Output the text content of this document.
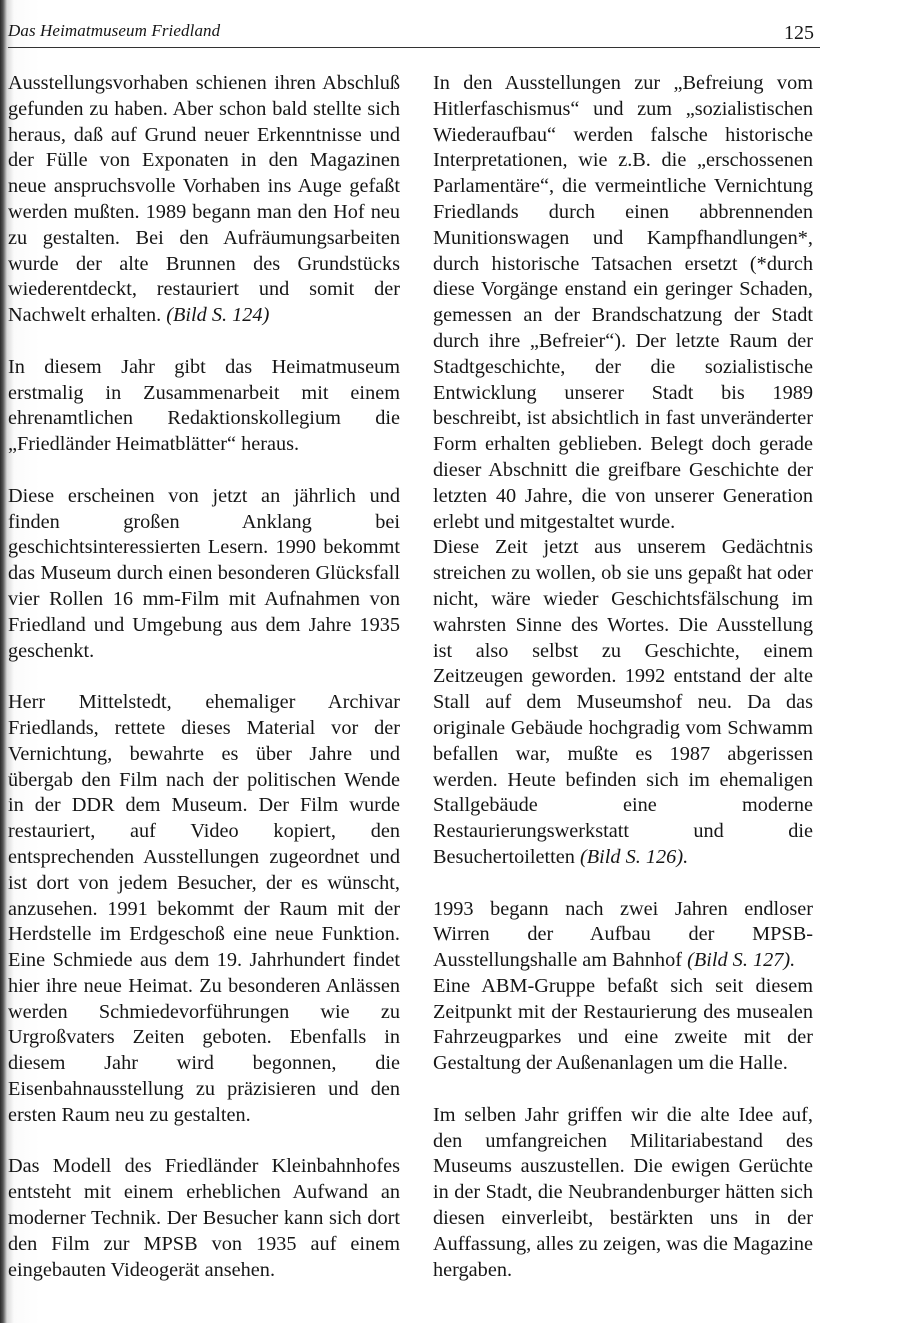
Das Heimatmuseum Friedland	125

Ausstellungsvorhaben schienen ihren Abschluß gefunden zu haben. Aber schon bald stellte sich heraus, daß auf Grund neuer Erkenntnisse und der Fülle von Exponaten in den Magazinen neue anspruchsvolle Vorhaben ins Auge gefaßt werden mußten. 1989 begann man den Hof neu zu gestalten. Bei den Aufräumungsarbeiten wurde der alte Brunnen des Grundstücks wiederentdeckt, restauriert und somit der Nachwelt erhalten. (Bild S. 124)

In diesem Jahr gibt das Heimatmuseum erstmalig in Zusammenarbeit mit einem ehrenamtlichen Redaktionskollegium die „Friedländer Heimatblätter“ heraus.

Diese erscheinen von jetzt an jährlich und finden großen Anklang bei geschichtsinteressierten Lesern. 1990 bekommt das Museum durch einen besonderen Glücksfall vier Rollen 16 mm-Film mit Aufnahmen von Friedland und Umgebung aus dem Jahre 1935 geschenkt.

Herr Mittelstedt, ehemaliger Archivar Friedlands, rettete dieses Material vor der Vernichtung, bewahrte es über Jahre und übergab den Film nach der politischen Wende in der DDR dem Museum. Der Film wurde restauriert, auf Video kopiert, den entsprechenden Ausstellungen zugeordnet und ist dort von jedem Besucher, der es wünscht, anzusehen. 1991 bekommt der Raum mit der Herdstelle im Erdgeschoß eine neue Funktion. Eine Schmiede aus dem 19. Jahrhundert findet hier ihre neue Heimat. Zu besonderen Anlässen werden Schmiedevorführungen wie zu Urgroßvaters Zeiten geboten. Ebenfalls in diesem Jahr wird begonnen, die Eisenbahnausstellung zu präzisieren und den ersten Raum neu zu gestalten.

Das Modell des Friedländer Kleinbahnhofes entsteht mit einem erheblichen Aufwand an moderner Technik. Der Besucher kann sich dort den Film zur MPSB von 1935 auf einem eingebauten Videogerät ansehen.

In den Ausstellungen zur „Befreiung vom Hitlerfaschismus“ und zum „sozialistischen Wiederaufbau“ werden falsche historische Interpretationen, wie z.B. die „erschossenen Parlamentäre“, die vermeintliche Vernichtung Friedlands durch einen abbrennenden Munitionswagen und Kampfhandlungen*, durch historische Tatsachen ersetzt (*durch diese Vorgänge enstand ein geringer Schaden, gemessen an der Brandschatzung der Stadt durch ihre „Befreier“). Der letzte Raum der Stadtgeschichte, der die sozialistische Entwicklung unserer Stadt bis 1989 beschreibt, ist absichtlich in fast unveränderter Form erhalten geblieben. Belegt doch gerade dieser Abschnitt die greifbare Geschichte der letzten 40 Jahre, die von unserer Generation erlebt und mitgestaltet wurde.

Diese Zeit jetzt aus unserem Gedächtnis streichen zu wollen, ob sie uns gepaßt hat oder nicht, wäre wieder Geschichtsfälschung im wahrsten Sinne des Wortes. Die Ausstellung ist also selbst zu Geschichte, einem Zeitzeugen geworden. 1992 entstand der alte Stall auf dem Museumshof neu. Da das originale Gebäude hochgradig vom Schwamm befallen war, mußte es 1987 abgerissen werden. Heute befinden sich im ehemaligen Stallgebäude eine moderne Restaurierungswerkstatt und die Besuchertoiletten (Bild S. 126).

1993 begann nach zwei Jahren endloser Wirren der Aufbau der MPSB-Ausstellungshalle am Bahnhof (Bild S. 127).

Eine ABM-Gruppe befaßt sich seit diesem Zeitpunkt mit der Restaurierung des musealen Fahrzeugparkes und eine zweite mit der Gestaltung der Außenanlagen um die Halle.

Im selben Jahr griffen wir die alte Idee auf, den umfangreichen Militariabestand des Museums auszustellen. Die ewigen Gerüchte in der Stadt, die Neubrandenburger hätten sich diesen einverleibt, bestärkten uns in der Auffassung, alles zu zeigen, was die Magazine hergaben.
